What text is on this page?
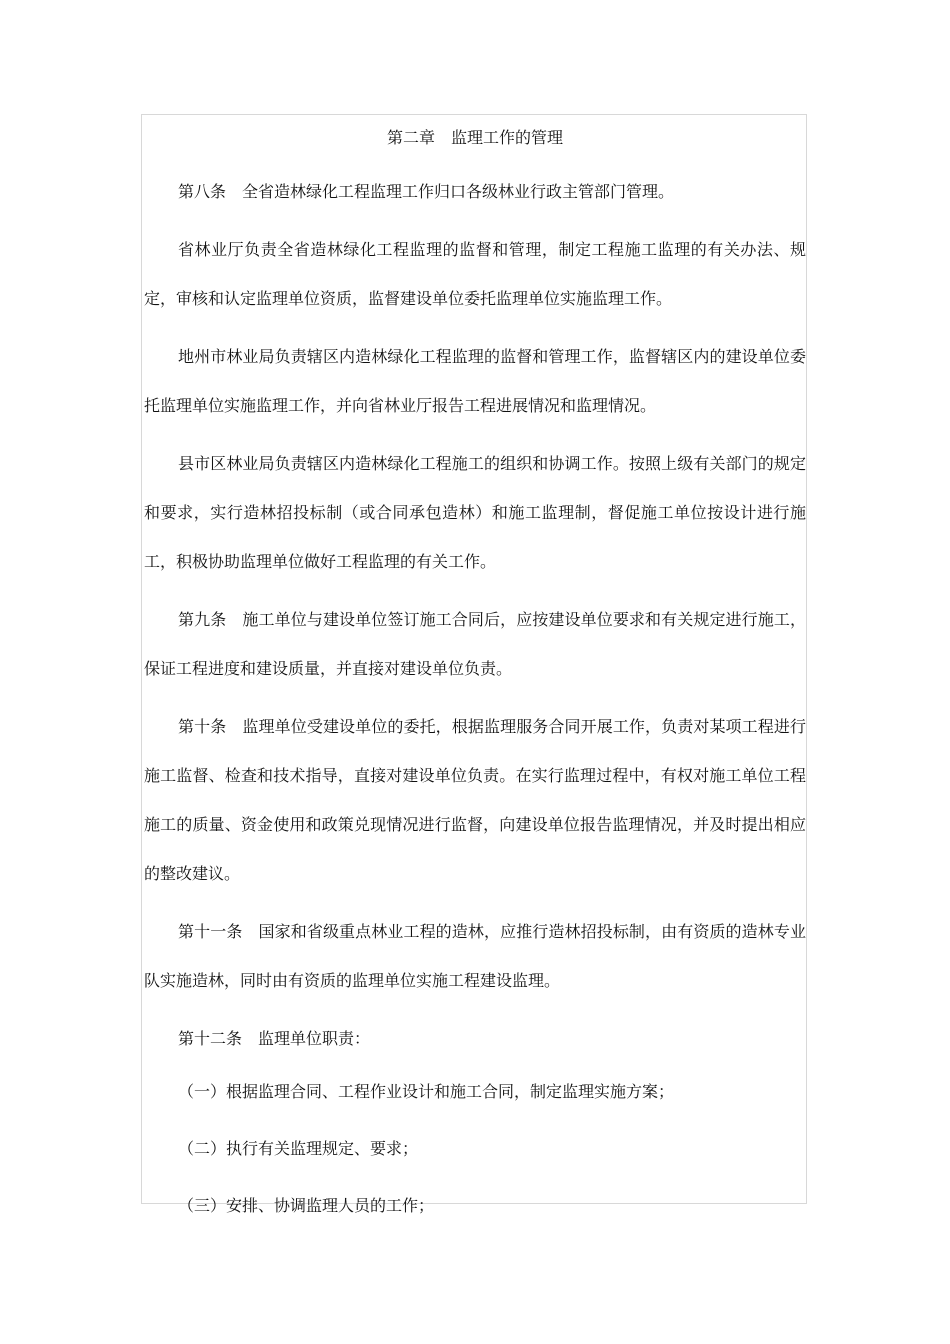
第二章　监理工作的管理
第八条　全省造林绿化工程监理工作归口各级林业行政主管部门管理。
省林业厅负责全省造林绿化工程监理的监督和管理，制定工程施工监理的有关办法、规定，审核和认定监理单位资质，监督建设单位委托监理单位实施监理工作。
地州市林业局负责辖区内造林绿化工程监理的监督和管理工作，监督辖区内的建设单位委托监理单位实施监理工作，并向省林业厅报告工程进展情况和监理情况。
县市区林业局负责辖区内造林绿化工程施工的组织和协调工作。按照上级有关部门的规定和要求，实行造林招投标制（或合同承包造林）和施工监理制，督促施工单位按设计进行施工，积极协助监理单位做好工程监理的有关工作。
第九条　施工单位与建设单位签订施工合同后，应按建设单位要求和有关规定进行施工，保证工程进度和建设质量，并直接对建设单位负责。
第十条　监理单位受建设单位的委托，根据监理服务合同开展工作，负责对某项工程进行施工监督、检查和技术指导，直接对建设单位负责。在实行监理过程中，有权对施工单位工程施工的质量、资金使用和政策兑现情况进行监督，向建设单位报告监理情况，并及时提出相应的整改建议。
第十一条　国家和省级重点林业工程的造林，应推行造林招投标制，由有资质的造林专业队实施造林，同时由有资质的监理单位实施工程建设监理。
第十二条　监理单位职责：
（一）根据监理合同、工程作业设计和施工合同，制定监理实施方案；
（二）执行有关监理规定、要求；
（三）安排、协调监理人员的工作；
